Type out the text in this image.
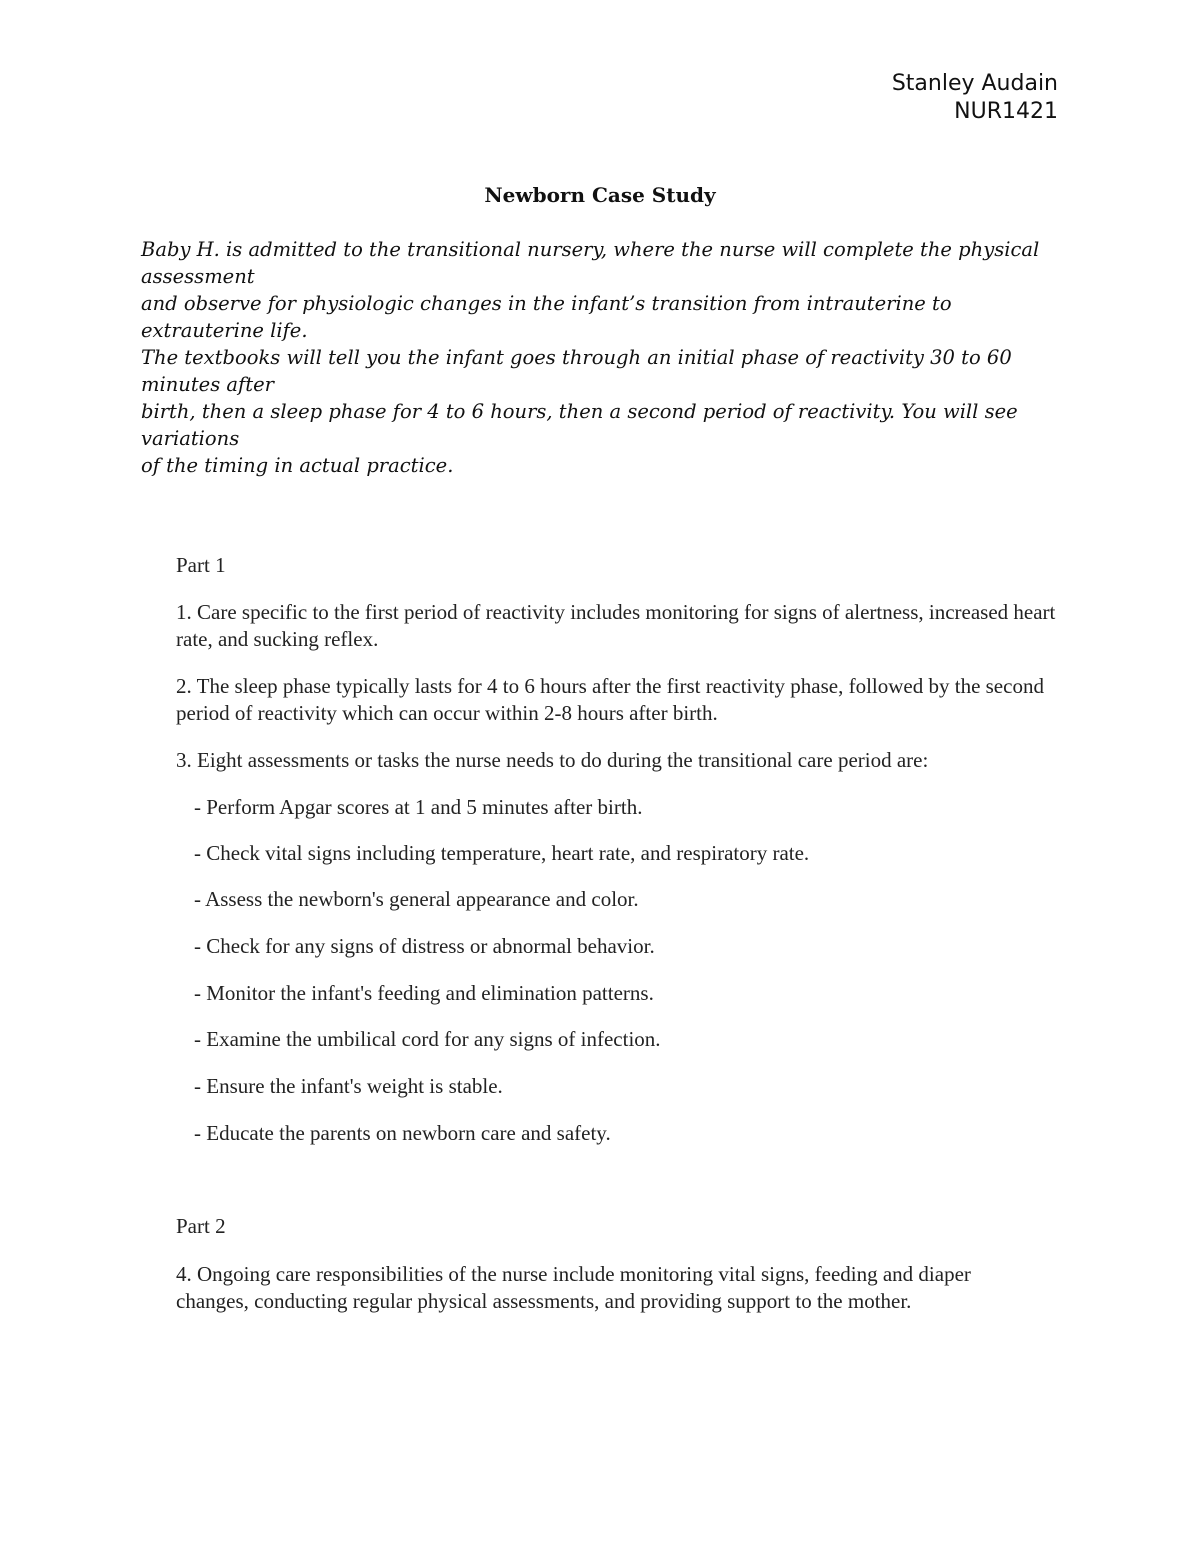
Stanley Audain
NUR1421
Newborn Case Study
Baby H. is admitted to the transitional nursery, where the nurse will complete the physical
assessment
and observe for physiologic changes in the infant’s transition from intrauterine to
extrauterine life.
The textbooks will tell you the infant goes through an initial phase of reactivity 30 to 60
minutes after
birth, then a sleep phase for 4 to 6 hours, then a second period of reactivity. You will see
variations
of the timing in actual practice.
Part 1
1. Care specific to the first period of reactivity includes monitoring for signs of alertness, increased heart rate, and sucking reflex.
2. The sleep phase typically lasts for 4 to 6 hours after the first reactivity phase, followed by the second period of reactivity which can occur within 2-8 hours after birth.
3. Eight assessments or tasks the nurse needs to do during the transitional care period are:
- Perform Apgar scores at 1 and 5 minutes after birth.
- Check vital signs including temperature, heart rate, and respiratory rate.
- Assess the newborn's general appearance and color.
- Check for any signs of distress or abnormal behavior.
- Monitor the infant's feeding and elimination patterns.
- Examine the umbilical cord for any signs of infection.
- Ensure the infant's weight is stable.
- Educate the parents on newborn care and safety.
Part 2
4. Ongoing care responsibilities of the nurse include monitoring vital signs, feeding and diaper changes, conducting regular physical assessments, and providing support to the mother.
